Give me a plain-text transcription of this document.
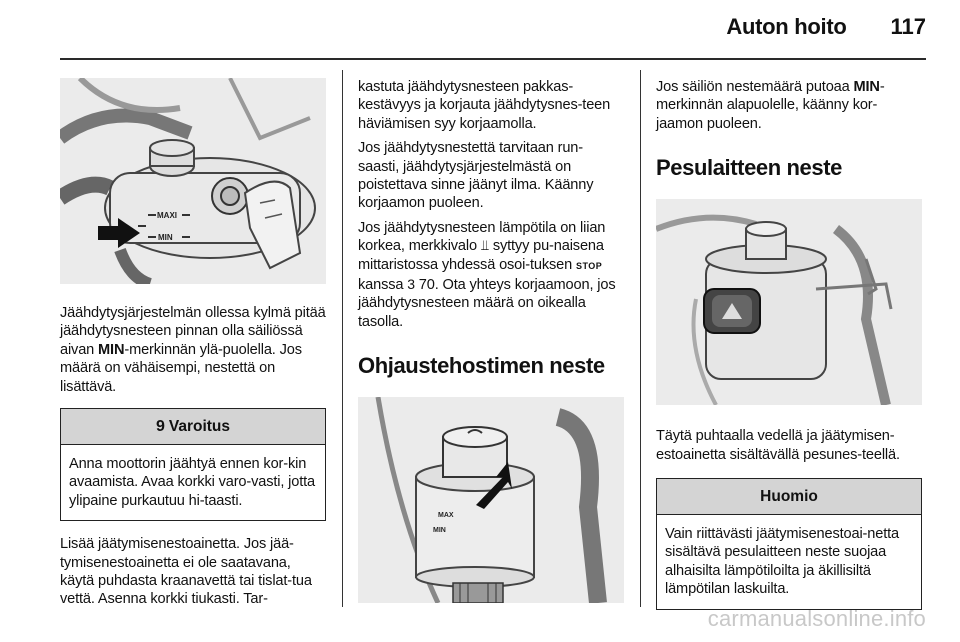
Auton hoito 117
MAXI
MIN

Jäähdytysjärjestelmän ollessa kylmä pitää jäähdytysnesteen pinnan olla säiliössä aivan MIN-merkinnän ylä-puolella. Jos määrä on vähäisempi, nestettä on lisättävä.

9 Varoitus
Anna moottorin jäähtyä ennen kor-kin avaamista. Avaa korkki varo-vasti, jotta ylipaine purkautuu hi-taasti.

Lisää jäätymisenestoainetta. Jos jää-tymisenestoainetta ei ole saatavana, käytä puhdasta kraanavettä tai tislat-tua vettä. Asenna korkki tiukasti. Tar-

kastuta jäähdytysnesteen pakkas-kestävyys ja korjauta jäähdytysnes-teen häviämisen syy korjaamolla.

Jos jäähdytysnestettä tarvitaan run-saasti, jäähdytysjärjestelmästä on poistettava sinne jäänyt ilma. Käänny korjaamon puoleen.

Jos jäähdytysnesteen lämpötila on liian korkea, merkkivalo ⫫ syttyy pu-naisena mittaristossa yhdessä osoi-tuksen STOP kanssa 3 70. Ota yhteys korjaamoon, jos jäähdytysnesteen määrä on oikealla tasolla.

Ohjaustehostimen neste
MAX
MIN

Jos säiliön nestemäärä putoaa MIN-merkinnän alapuolelle, käänny kor-jaamon puoleen.

Pesulaitteen neste

Täytä puhtaalla vedellä ja jäätymisen-estoainetta sisältävällä pesunes-teellä.

Huomio
Vain riittävästi jäätymisenestoai-netta sisältävä pesulaitteen neste suojaa alhaisilta lämpötiloilta ja äkillisiltä lämpötilan laskuilta.
carmanualsonline.info
